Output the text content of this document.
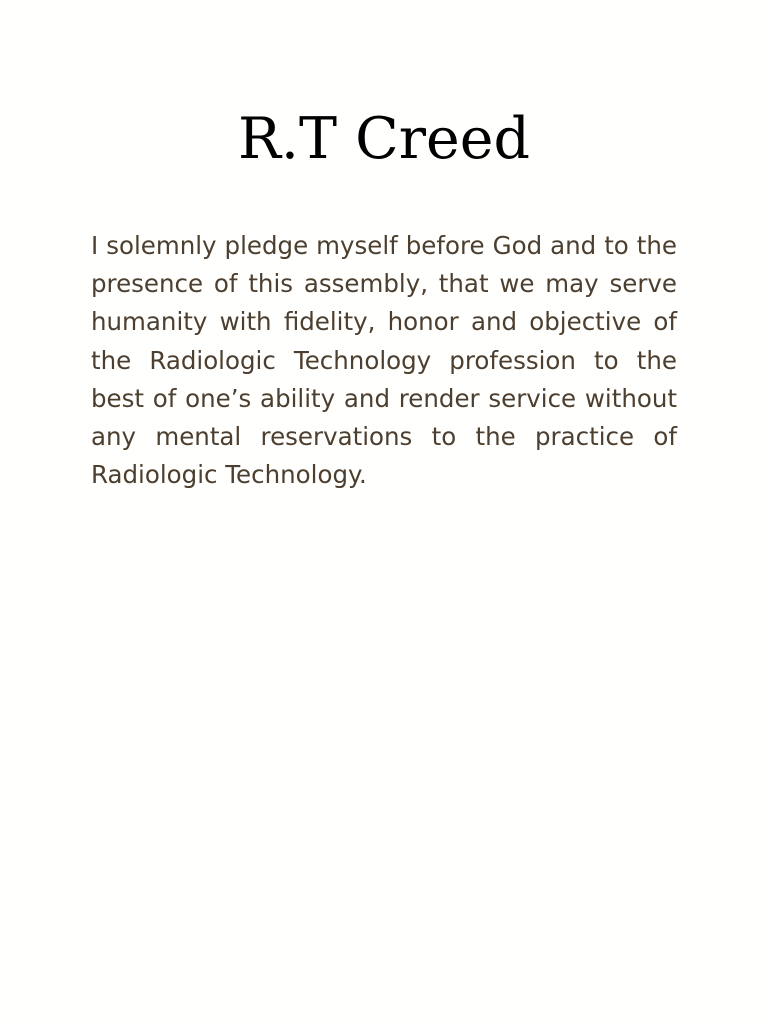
R.T Creed

I solemnly pledge myself before God and to the presence of this assembly, that we may serve humanity with fidelity, honor and objective of the Radiologic Technology profession to the best of one’s ability and render service without any mental reservations to the practice of Radiologic Technology.
